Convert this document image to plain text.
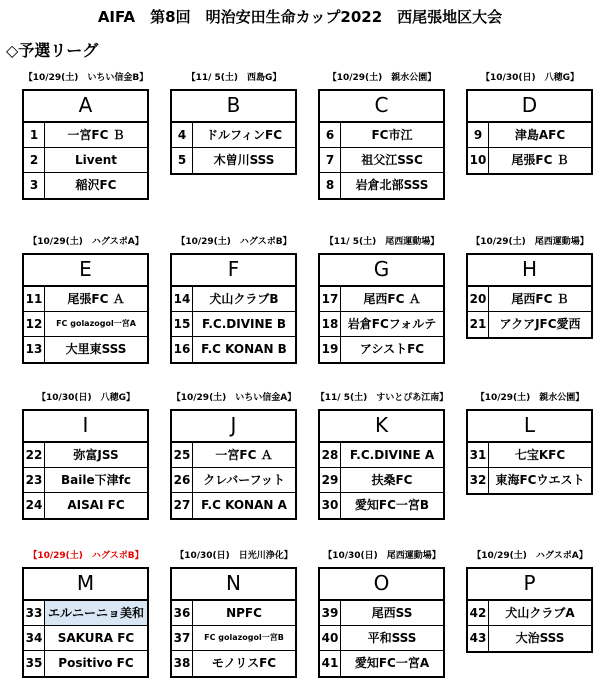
AIFA　第8回　明治安田生命カップ2022　西尾張地区大会
◇予選リーグ
【10/29(土)　いちい信金B】
A
1	一宮FC Ｂ
2	Livent
3	稲沢FC
【11/ 5(土)　西島G】
B
4	ドルフィンFC
5	木曽川SSS
【10/29(土)　親水公園】
C
6	FC市江
7	祖父江SSC
8	岩倉北部SSS
【10/30(日)　八穂G】
D
9	津島AFC
10	尾張FC Ｂ
【10/29(土)　ハグスポA】
E
11	尾張FC Ａ
12	FC golazogol一宮A
13	大里東SSS
【10/29(土)　ハグスポB】
F
14	犬山クラブB
15 F.C.DIVINE B
16 F.C KONAN B
【11/ 5(土)　尾西運動場】
G
17	尾西FC Ａ
18 岩倉FCフォルテ
19	アシストFC
【10/29(土)　尾西運動場】
H
20	尾西FC Ｂ
21	アクアJFC愛西
【10/30(日)　八穂G】
I
22	弥富JSS
23	Baile下津fc
24	AISAI FC
【10/29(土)　いちい信金A】
J
25	一宮FC Ａ
26	クレバーフット
27 F.C KONAN A
【11/ 5(土)　すいとぴあ江南】
K
28 F.C.DIVINE A
29	扶桑FC
30	愛知FC一宮B
【10/29(土)　親水公園】
L
31	七宝KFC
32 東海FCウエスト
【10/29(土)　ハグスポB】
M
33 エルニーニョ美和
34	SAKURA FC
35	Positivo FC
【10/30(日)　日光川浄化】
N
36	NPFC
37	FC golazogol一宮B
38	モノリスFC
【10/30(日)　尾西運動場】
O
39	尾西SS
40	平和SSS
41	愛知FC一宮A
【10/29(土)　ハグスポA】
P
42	犬山クラブA
43	大治SSS
